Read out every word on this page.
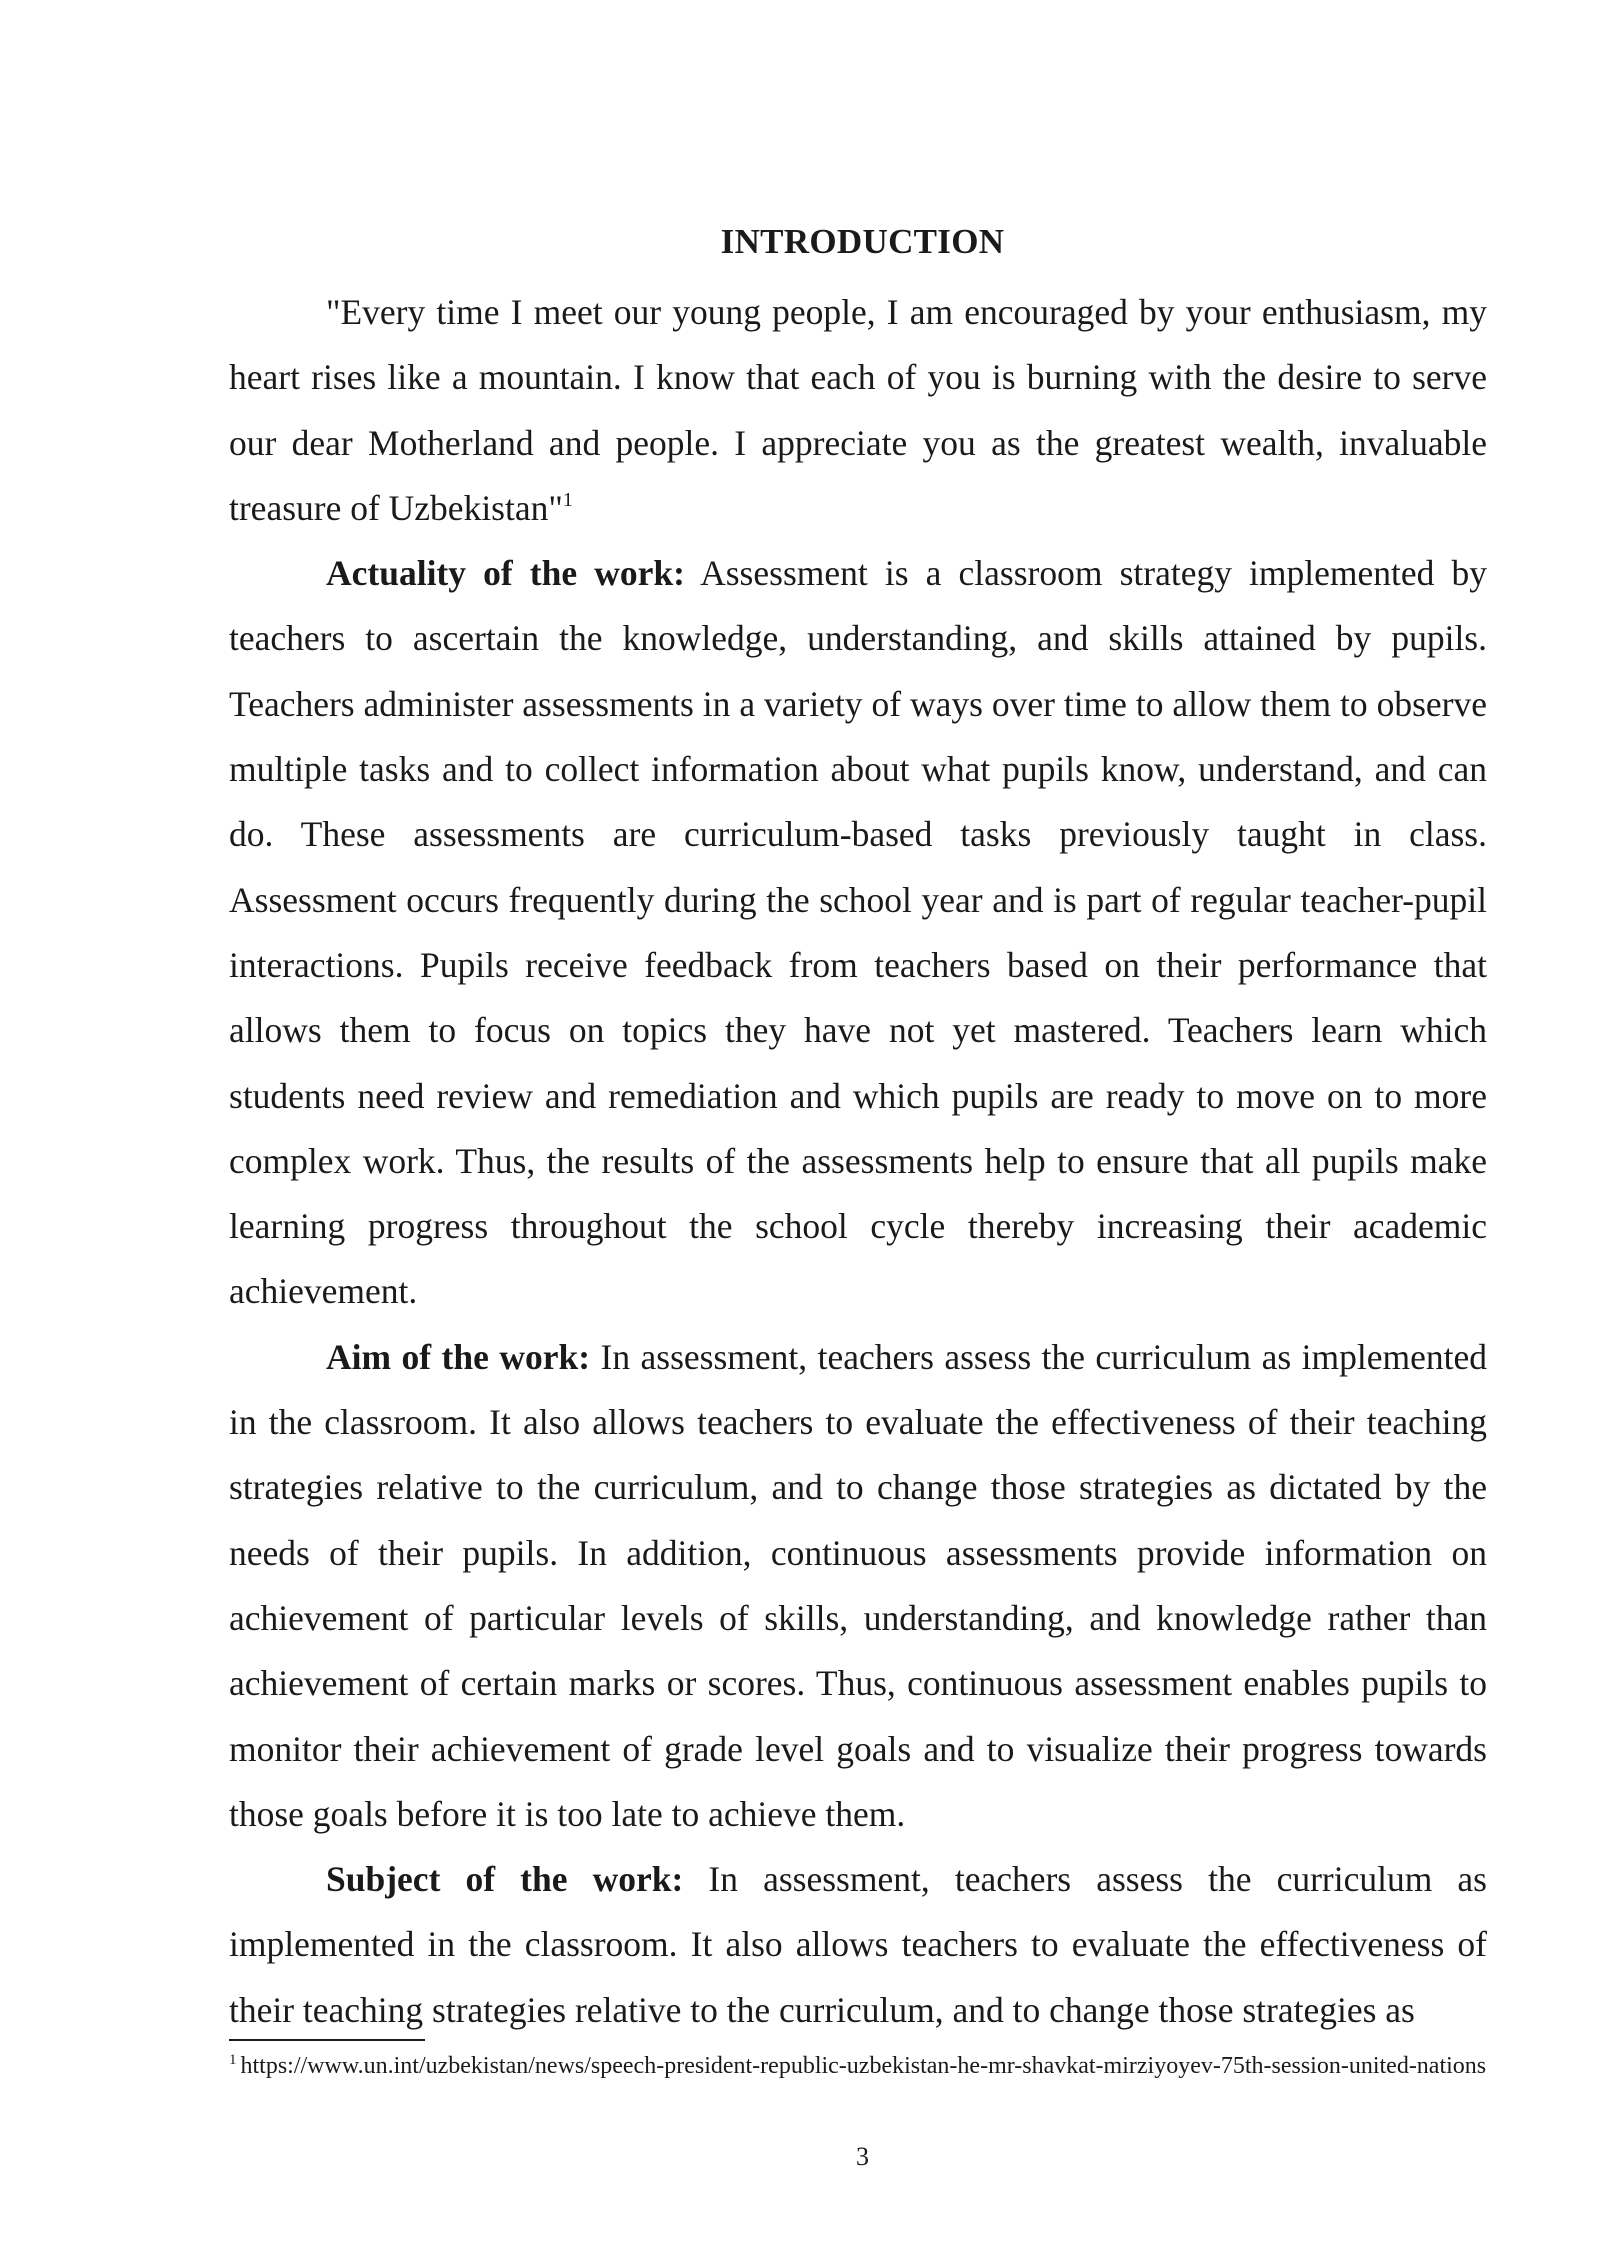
INTRODUCTION

"Every time I meet our young people, I am encouraged by your enthusiasm, my heart rises like a mountain. I know that each of you is burning with the desire to serve our dear Motherland and people. I appreciate you as the greatest wealth, invaluable treasure of Uzbekistan"$^1$

Actuality of the work: Assessment is a classroom strategy implemented by teachers to ascertain the knowledge, understanding, and skills attained by pupils. Teachers administer assessments in a variety of ways over time to allow them to observe multiple tasks and to collect information about what pupils know, understand, and can do. These assessments are curriculum-based tasks previously taught in class. Assessment occurs frequently during the school year and is part of regular teacher-pupil interactions. Pupils receive feedback from teachers based on their performance that allows them to focus on topics they have not yet mastered. Teachers learn which students need review and remediation and which pupils are ready to move on to more complex work. Thus, the results of the assessments help to ensure that all pupils make learning progress throughout the school cycle thereby increasing their academic achievement.

Aim of the work: In assessment, teachers assess the curriculum as implemented in the classroom. It also allows teachers to evaluate the effectiveness of their teaching strategies relative to the curriculum, and to change those strategies as dictated by the needs of their pupils. In addition, continuous assessments provide information on achievement of particular levels of skills, understanding, and knowledge rather than achievement of certain marks or scores. Thus, continuous assessment enables pupils to monitor their achievement of grade level goals and to visualize their progress towards those goals before it is too late to achieve them.

Subject of the work: In assessment, teachers assess the curriculum as implemented in the classroom. It also allows teachers to evaluate the effectiveness of their teaching strategies relative to the curriculum, and to change those strategies as

$^1$ https://www.un.int/uzbekistan/news/speech-president-republic-uzbekistan-he-mr-shavkat-mirziyoyev-75th-session-united-nations
3
